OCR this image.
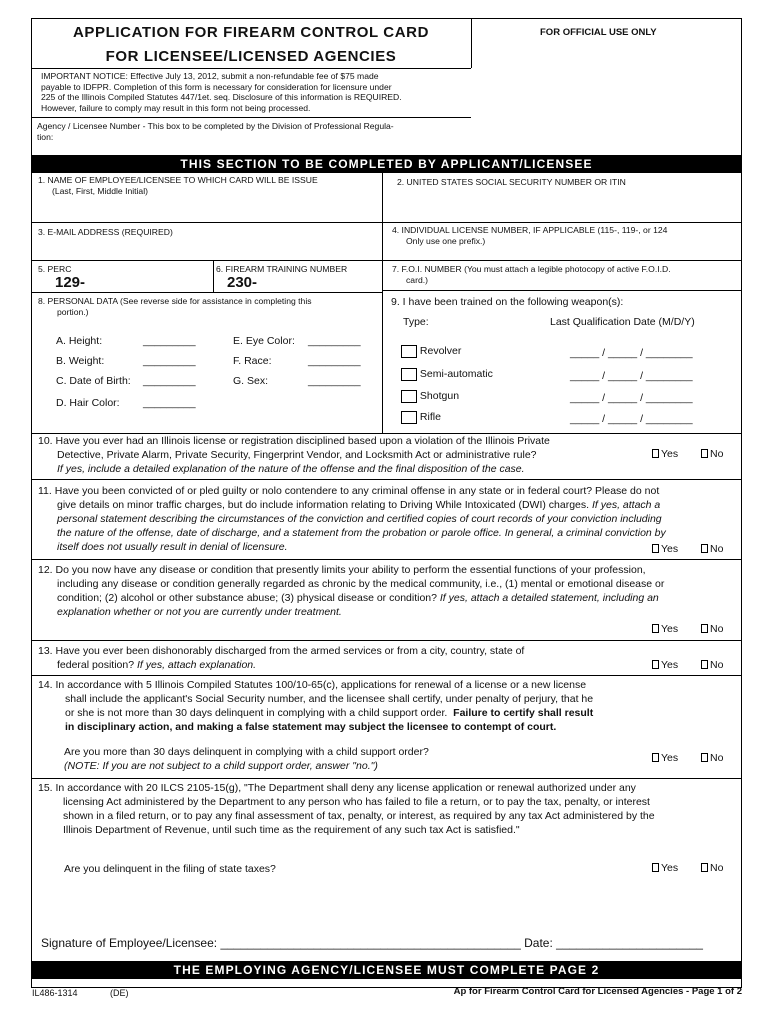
APPLICATION FOR FIREARM CONTROL CARD
FOR LICENSEE/LICENSED AGENCIES
FOR OFFICIAL USE ONLY
IMPORTANT NOTICE: Effective July 13, 2012, submit a non-refundable fee of $75 made
payable to IDFPR. Completion of this form is necessary for consideration for licensure under
225 of the Illinois Compiled Statutes 447/1et. seq. Disclosure of this information is REQUIRED.
However, failure to comply may result in this form not being processed.
Agency / Licensee Number - This box to be completed by the Division of Professional Regula-
tion:
THIS SECTION TO BE COMPLETED BY APPLICANT/LICENSEE
1. NAME OF EMPLOYEE/LICENSEE TO WHICH CARD WILL BE ISSUE
(Last, First, Middle Initial)
2. UNITED STATES SOCIAL SECURITY NUMBER OR ITIN
3. E-MAIL ADDRESS (REQUIRED)	4. INDIVIDUAL LICENSE NUMBER, IF APPLICABLE (115-, 119-, or 124
Only use one prefix.)
5. PERC
129-
6. FIREARM TRAINING NUMBER
230-
7. F.O.I. NUMBER (You must attach a legible photocopy of active F.O.I.D.
card.)
8. PERSONAL DATA (See reverse side for assistance in completing this
portion.)
A. Height:	_________
B. Weight:	_________
C. Date of Birth: _________
D. Hair Color: _________
E. Eye Color: _________
F. Race:	_________
G. Sex:	_________
9. I have been trained on the following weapon(s):
Type:	Last Qualification Date (M/D/Y)
Revolver	_____ / _____ / ________
Semi-automatic	_____ / _____ / ________
Shotgun	_____ / _____ / ________
Rifle	_____ / _____ / ________
10. Have you ever had an Illinois license or registration disciplined based upon a violation of the Illinois Private
Detective, Private Alarm, Private Security, Fingerprint Vendor, and Locksmith Act or administrative rule?
If yes, include a detailed explanation of the nature of the offense and the final disposition of the case.
Yes	No
11. Have you been convicted of or pled guilty or nolo contendere to any criminal offense in any state or in federal court? Please do not
give details on minor traffic charges, but do include information relating to Driving While Intoxicated (DWI) charges. If yes, attach a
personal statement describing the circumstances of the conviction and certified copies of court records of your conviction including
the nature of the offense, date of discharge, and a statement from the probation or parole office. In general, a criminal conviction by
itself does not usually result in denial of licensure.	Yes	No
12. Do you now have any disease or condition that presently limits your ability to perform the essential functions of your profession,
including any disease or condition generally regarded as chronic by the medical community, i.e., (1) mental or emotional disease or
condition; (2) alcohol or other substance abuse; (3) physical disease or condition? If yes, attach a detailed statement, including an
explanation whether or not you are currently under treatment.
Yes	No
13. Have you ever been dishonorably discharged from the armed services or from a city, country, state of
federal position? If yes, attach explanation.	Yes	No
14. In accordance with 5 Illinois Compiled Statutes 100/10-65(c), applications for renewal of a license or a new license
shall include the applicant's Social Security number, and the licensee shall certify, under penalty of perjury, that he
or she is not more than 30 days delinquent in complying with a child support order. Failure to certify shall result
in disciplinary action, and making a false statement may subject the licensee to contempt of court.
Are you more than 30 days delinquent in complying with a child support order?
(NOTE: If you are not subject to a child support order, answer "no.")
Yes	No
15. In accordance with 20 ILCS 2105-15(g), "The Department shall deny any license application or renewal authorized under any
licensing Act administered by the Department to any person who has failed to file a return, or to pay the tax, penalty, or interest
shown in a filed return, or to pay any final assessment of tax, penalty, or interest, as required by any tax Act administered by the
Illinois Department of Revenue, until such time as the requirement of any such tax Act is satisfied."
Are you delinquent in the filing of state taxes?	Yes	No
Signature of Employee/Licensee: _____________________________________________ Date: ______________________
THE EMPLOYING AGENCY/LICENSEE MUST COMPLETE PAGE 2
IL486-1314	(DE)	Ap for Firearm Control Card for Licensed Agencies - Page 1 of 2
